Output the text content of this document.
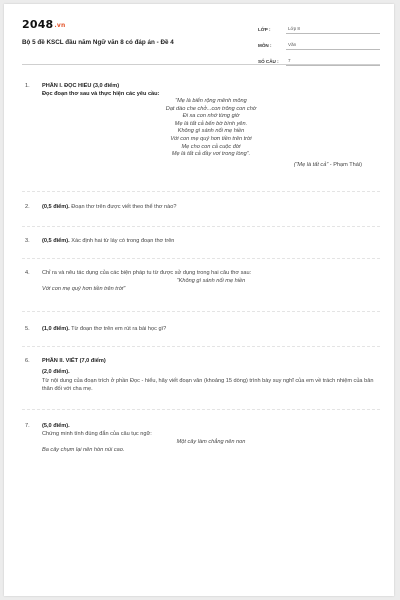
2048.vn
Bộ 5 đề KSCL đầu năm Ngữ văn 8 có đáp án - Đề 4
LỚP :	Lớp 8
MÔN :	Văn
SỐ CÂU :	7
1. PHẦN I. ĐỌC HIỂU (3,0 điểm)
Đọc đoạn thơ sau và thực hiện các yêu cầu:
“Mẹ là biển rộng mênh mông
Dạt dào che chở...con trông con chờ
Đi xa con nhớ từng giờ
Mẹ là tất cả bến bờ bình yên.
Không gì sánh nổi mẹ hiền
Với con mẹ quý hơn tiền trên trời
Mẹ cho con cả cuộc đời
Mẹ là tất cả đầy vơi trong lòng”.
(“Mẹ là tất cả” - Phạm Thái)
2. (0,5 điểm). Đoạn thơ trên được viết theo thể thơ nào?
3. (0,5 điểm). Xác định hai từ láy có trong đoạn thơ trên
4. Chỉ ra và nêu tác dụng của các biện pháp tu từ được sử dụng trong hai câu thơ sau:
“Không gì sánh nổi mẹ hiền
Với con mẹ quý hơn tiền trên trời”
5. (1,0 điểm). Từ đoạn thơ trên em rút ra bài học gì?
6. PHẦN II. VIẾT (7,0 điểm)
(2,0 điểm).
Từ nội dung của đoạn trích ở phần Đọc - hiểu, hãy viết đoạn văn (khoảng 15 dòng) trình bày suy nghĩ của em về trách nhiệm của bản thân đối với cha mẹ.
7. (5,0 điểm).
Chứng minh tính đúng đắn của câu tục ngữ:
Một cây làm chẳng nên non
Ba cây chụm lại nên hòn núi cao.
